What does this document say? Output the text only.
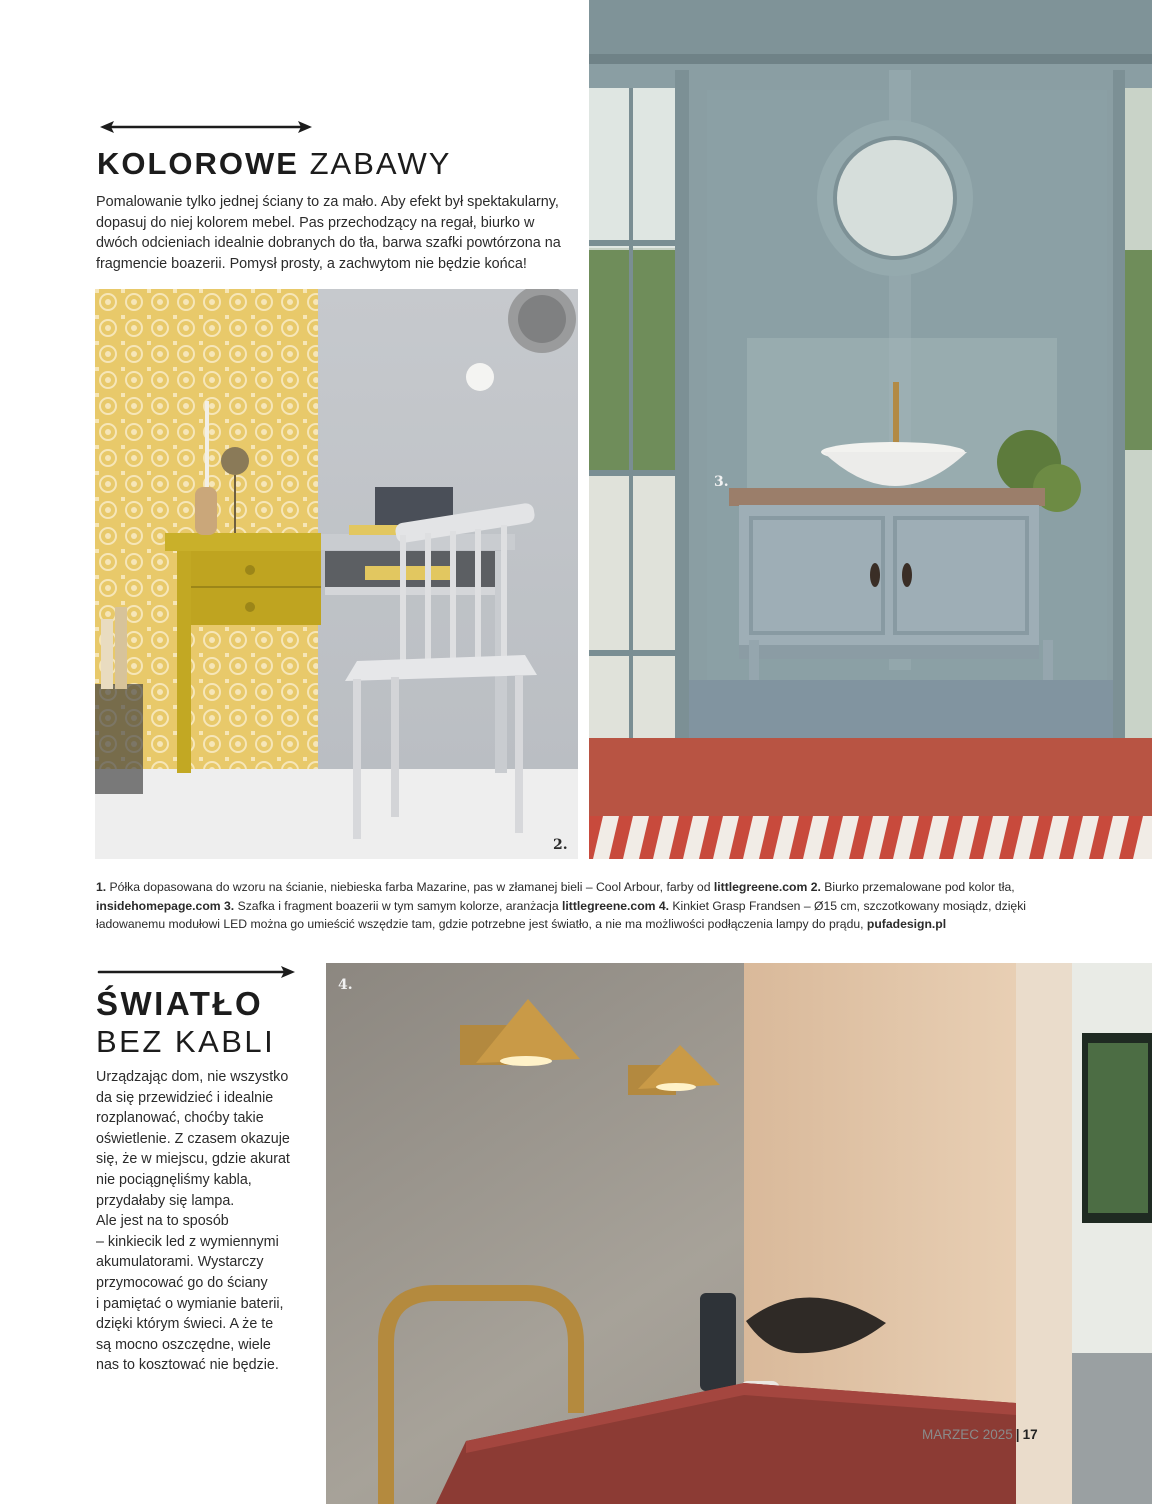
KOLOROWE ZABAWY
Pomalowanie tylko jednej ściany to za mało. Aby efekt był spektakularny, dopasuj do niej kolorem mebel. Pas przechodzący na regał, biurko w dwóch odcieniach idealnie dobranych do tła, barwa szafki powtórzona na fragmencie boazerii. Pomysł prosty, a zachwytom nie będzie końca!
2.
3.
1. Półka dopasowana do wzoru na ścianie, niebieska farba Mazarine, pas w złamanej bieli – Cool Arbour, farby od littlegreene.com 2. Biurko przemalowane pod kolor tła, insidehomepage.com 3. Szafka i fragment boazerii w tym samym kolorze, aranżacja littlegreene.com 4. Kinkiet Grasp Frandsen – Ø15 cm, szczotkowany mosiądz, dzięki ładowanemu modułowi LED można go umieścić wszędzie tam, gdzie potrzebne jest światło, a nie ma możliwości podłączenia lampy do prądu, pufadesign.pl
ŚWIATŁO
BEZ KABLI
Urządzając dom, nie wszystko
da się przewidzieć i idealnie
rozplanować, choćby takie
oświetlenie. Z czasem okazuje
się, że w miejscu, gdzie akurat
nie pociągnęliśmy kabla,
przydałaby się lampa.
Ale jest na to sposób
– kinkiecik led z wymiennymi
akumulatorami. Wystarczy
przymocować go do ściany
i pamiętać o wymianie baterii,
dzięki którym świeci. A że te
są mocno oszczędne, wiele
nas to kosztować nie będzie.
4.
MARZEC 2025 | 17
